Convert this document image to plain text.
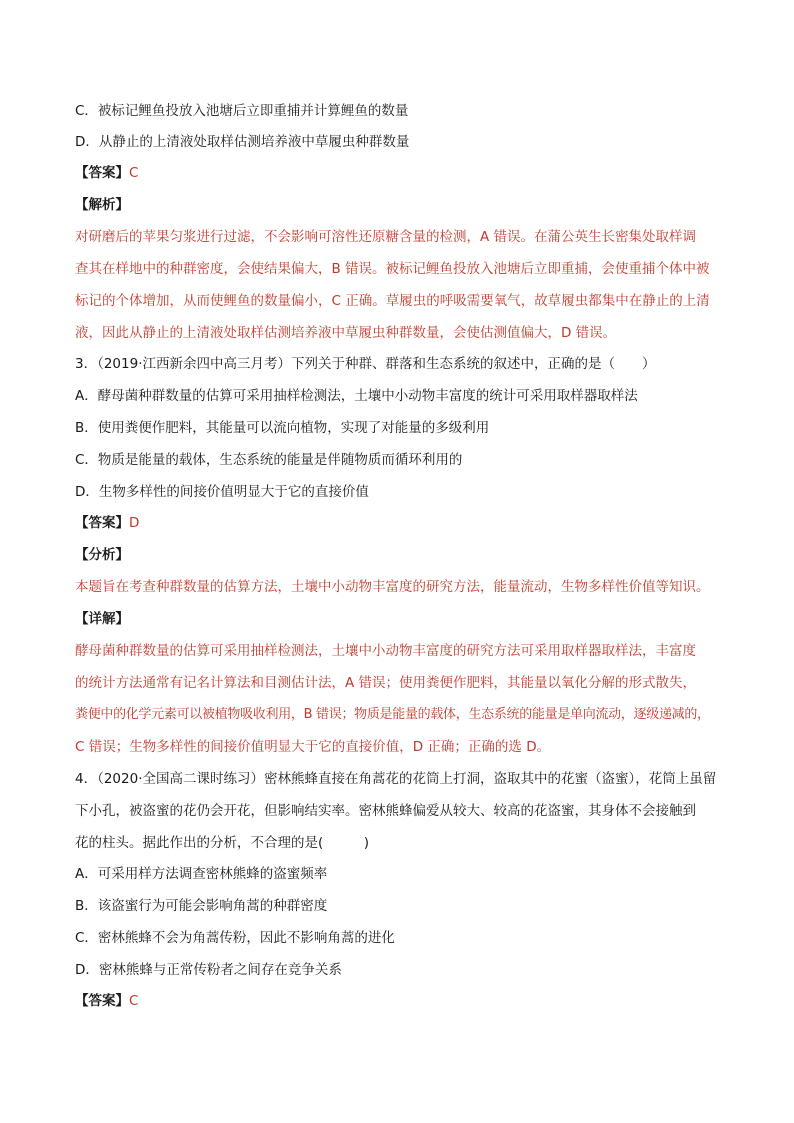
C．被标记鲤鱼投放入池塘后立即重捕并计算鲤鱼的数量
D．从静止的上清液处取样估测培养液中草履虫种群数量
【答案】C
【解析】
对研磨后的苹果匀浆进行过滤，不会影响可溶性还原糖含量的检测，A 错误。在蒲公英生长密集处取样调
查其在样地中的种群密度，会使结果偏大，B 错误。被标记鲤鱼投放入池塘后立即重捕，会使重捕个体中被
标记的个体增加，从而使鲤鱼的数量偏小，C 正确。草履虫的呼吸需要氧气，故草履虫都集中在静止的上清
液，因此从静止的上清液处取样估测培养液中草履虫种群数量，会使估测值偏大，D 错误。
3．（2019·江西新余四中高三月考）下列关于种群、群落和生态系统的叙述中，正确的是（　　）
A．酵母菌种群数量的估算可采用抽样检测法，土壤中小动物丰富度的统计可采用取样器取样法
B．使用粪便作肥料，其能量可以流向植物，实现了对能量的多级利用
C．物质是能量的载体，生态系统的能量是伴随物质而循环利用的
D．生物多样性的间接价值明显大于它的直接价值
【答案】D
【分析】
本题旨在考查种群数量的估算方法，土壤中小动物丰富度的研究方法，能量流动，生物多样性价值等知识。
【详解】
酵母菌种群数量的估算可采用抽样检测法，土壤中小动物丰富度的研究方法可采用取样器取样法，丰富度
的统计方法通常有记名计算法和目测估计法，A 错误；使用粪便作肥料，其能量以氧化分解的形式散失，
粪便中的化学元素可以被植物吸收利用，B 错误；物质是能量的载体，生态系统的能量是单向流动，逐级递减的，
C 错误；生物多样性的间接价值明显大于它的直接价值，D 正确；正确的选 D。
4．（2020·全国高二课时练习）密林熊蜂直接在角蒿花的花筒上打洞，盗取其中的花蜜（盗蜜），花筒上虽留
下小孔，被盗蜜的花仍会开花，但影响结实率。密林熊蜂偏爱从较大、较高的花盗蜜，其身体不会接触到
花的柱头。据此作出的分析，不合理的是(　　　)
A．可采用样方法调查密林熊蜂的盗蜜频率
B．该盗蜜行为可能会影响角蒿的种群密度
C．密林熊蜂不会为角蒿传粉，因此不影响角蒿的进化
D．密林熊蜂与正常传粉者之间存在竞争关系
【答案】C
